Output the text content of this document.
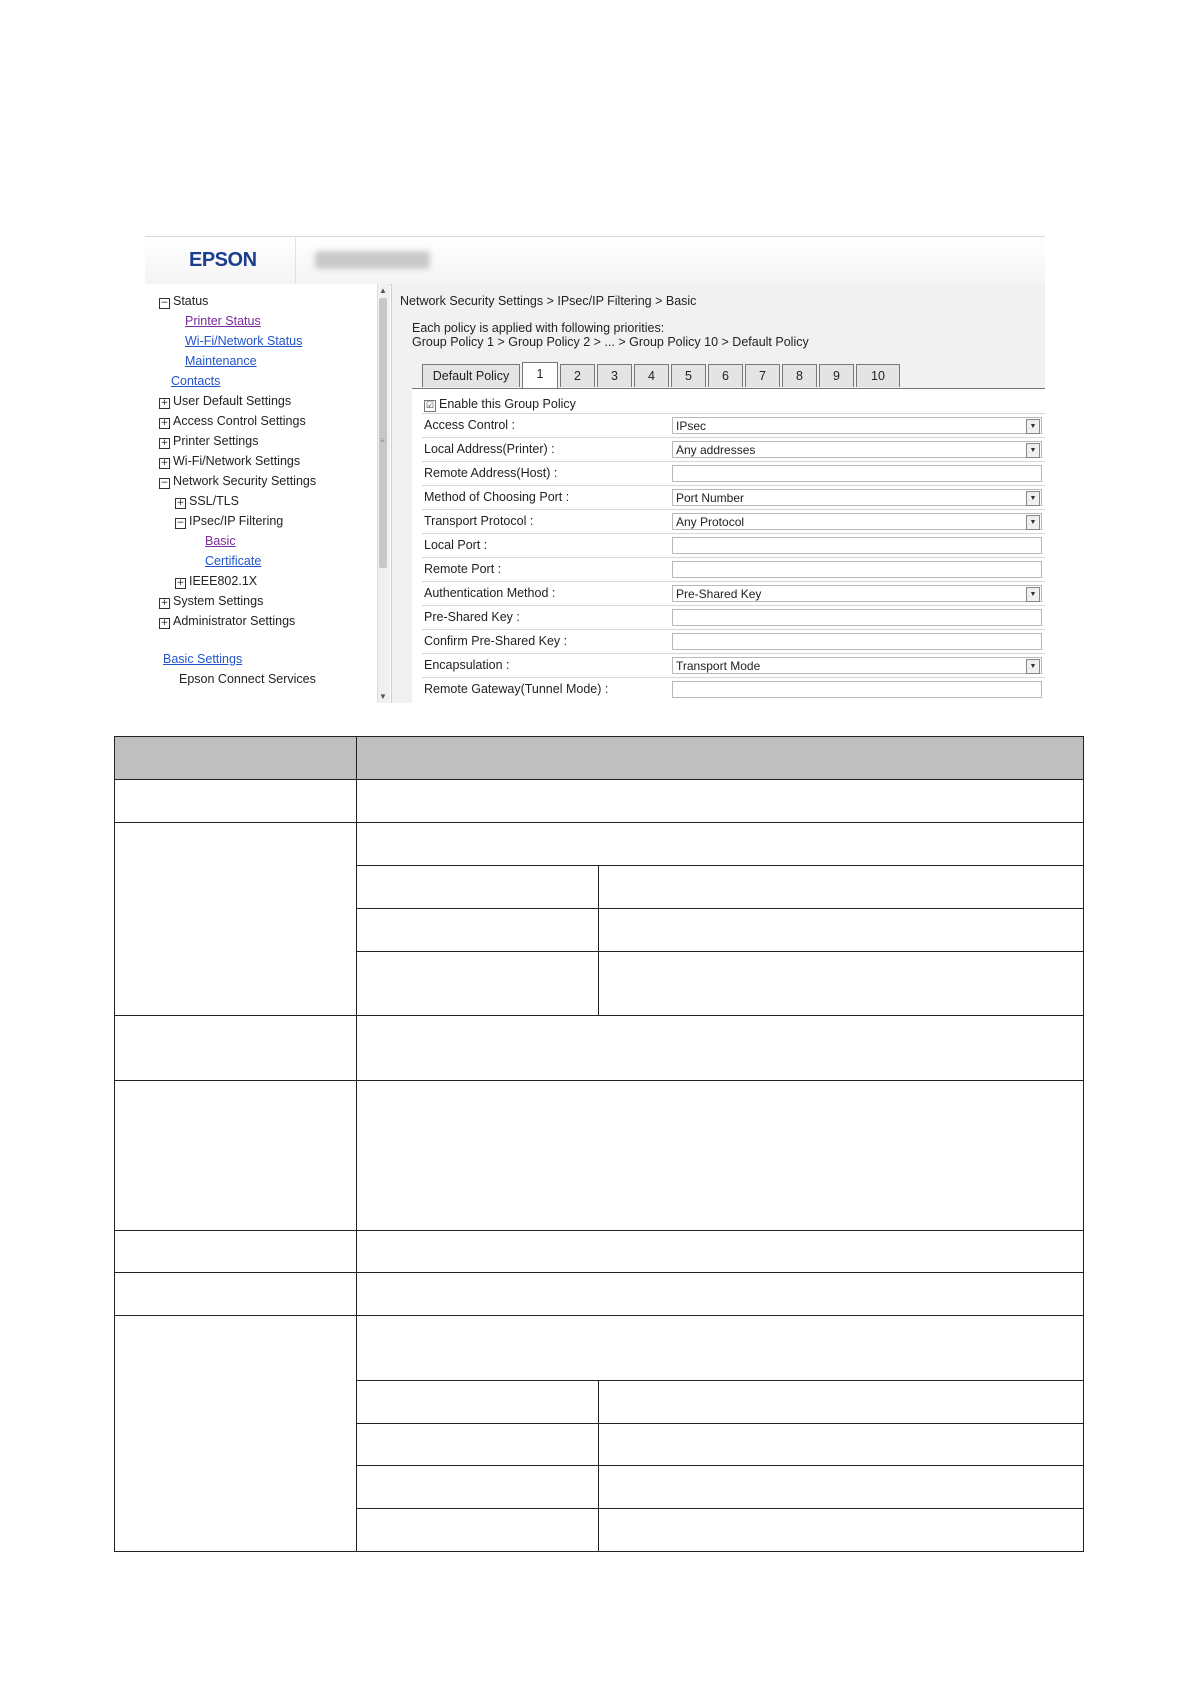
EPSON
− Status
Printer Status
Wi-Fi/Network Status
Maintenance
Contacts
+ User Default Settings
+ Access Control Settings
+ Printer Settings
+ Wi-Fi/Network Settings
− Network Security Settings
+ SSL/TLS
− IPsec/IP Filtering
Basic
Certificate
+ IEEE802.1X
+ System Settings
+ Administrator Settings
Basic Settings
Epson Connect Services
▲
▼
≡
Network Security Settings > IPsec/IP Filtering > Basic
Each policy is applied with following priorities:
Group Policy 1 > Group Policy 2 > ... > Group Policy 10 > Default Policy
Default Policy	1	2	3	4	5	6	7	8	9	10
☑ Enable this Group Policy
Access Control :	IPsec	▼
Local Address(Printer) :	Any addresses	▼
Remote Address(Host) :
Method of Choosing Port :	Port Number	▼
Transport Protocol :	Any Protocol	▼
Local Port :
Remote Port :
Authentication Method :	Pre-Shared Key	▼
Pre-Shared Key :
Confirm Pre-Shared Key :
Encapsulation :	Transport Mode	▼
Remote Gateway(Tunnel Mode) :
